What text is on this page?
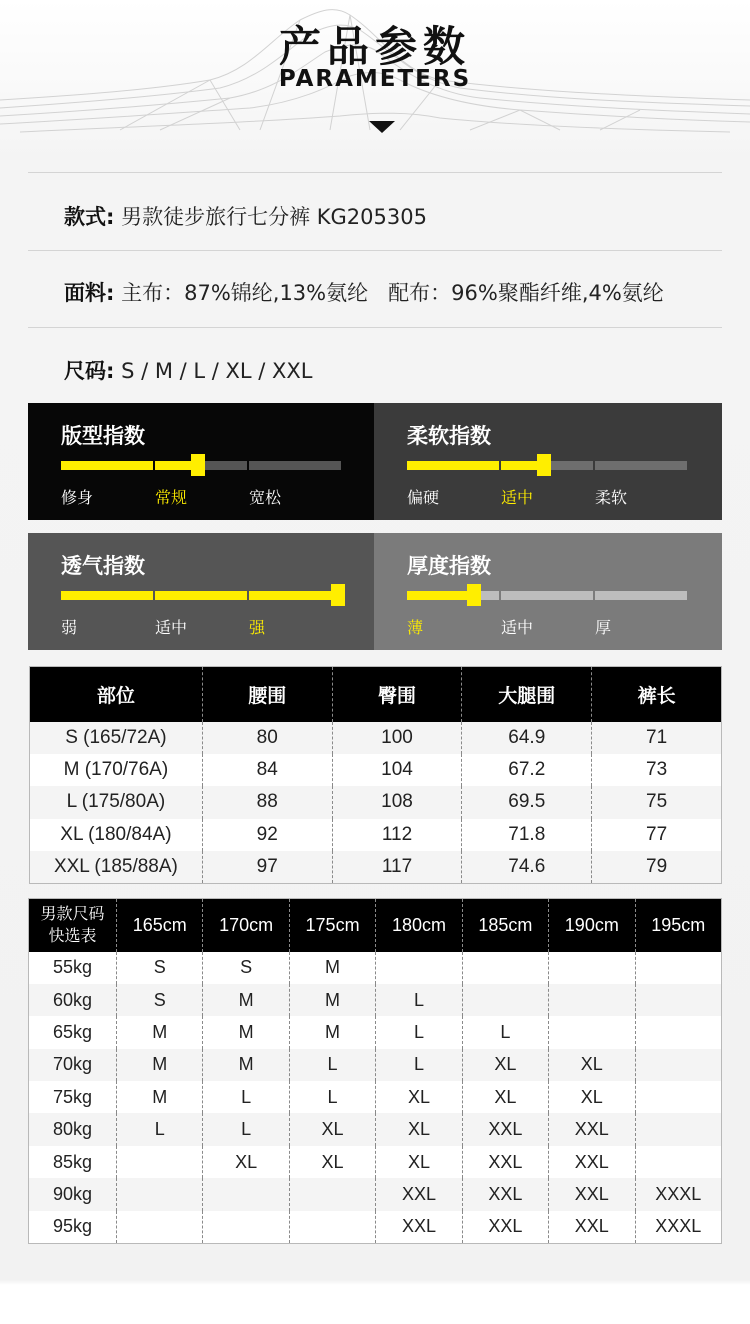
产品参数
PARAMETERS
款式: 男款徒步旅行七分裤 KG205305
面料: 主布：87%锦纶,13%氨纶   配布：96%聚酯纤维,4%氨纶
尺码: S / M / L / XL / XXL
版型指数
修身	常规	宽松
柔软指数
偏硬	适中	柔软
透气指数
弱	适中	强
厚度指数
薄	适中	厚
部位	腰围	臀围	大腿围	裤长
S (165/72A)	80	100	64.9	71
M (170/76A)	84	104	67.2	73
L (175/80A)	88	108	69.5	75
XL (180/84A)	92	112	71.8	77
XXL (185/88A)	97	117	74.6	79
男款尺码
快选表	165cm	170cm	175cm	180cm	185cm	190cm	195cm
55kg	S	S	M				
60kg	S	M	M	L			
65kg	M	M	M	L	L		
70kg	M	M	L	L	XL	XL	
75kg	M	L	L	XL	XL	XL	
80kg	L	L	XL	XL	XXL	XXL	
85kg		XL	XL	XL	XXL	XXL	
90kg				XXL	XXL	XXL	XXXL
95kg				XXL	XXL	XXL	XXXL
